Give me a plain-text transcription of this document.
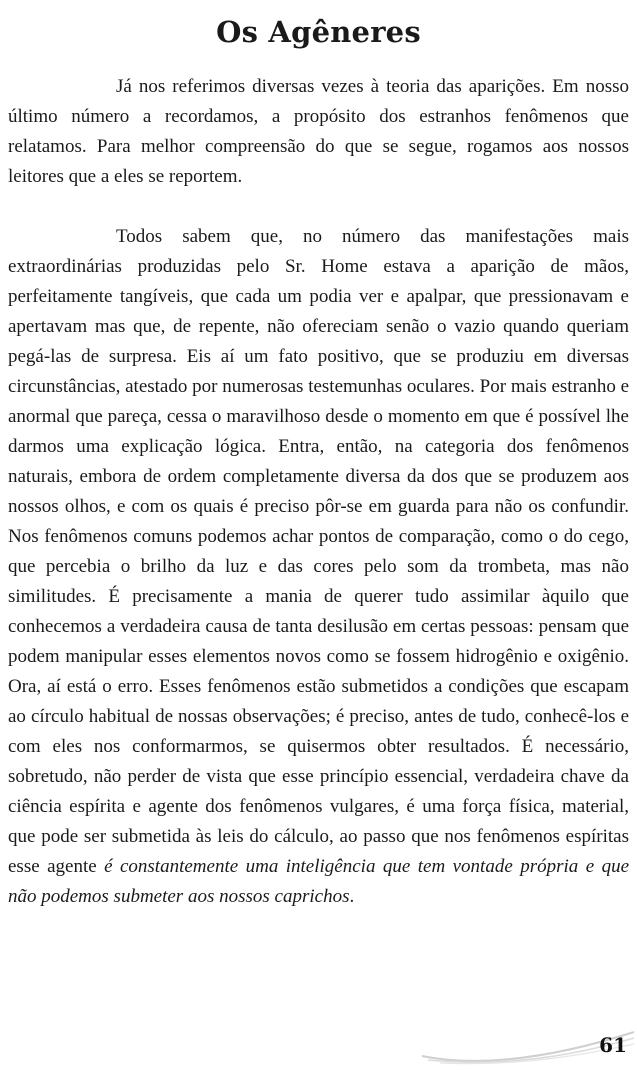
Os Agêneres

Já nos referimos diversas vezes à teoria das aparições. Em nosso último número a recordamos, a propósito dos estranhos fenômenos que relatamos. Para melhor compreensão do que se segue, rogamos aos nossos leitores que a eles se reportem.

Todos sabem que, no número das manifestações mais extraordinárias produzidas pelo Sr. Home estava a aparição de mãos, perfeitamente tangíveis, que cada um podia ver e apalpar, que pressionavam e apertavam mas que, de repente, não ofereciam senão o vazio quando queriam pegá-las de surpresa. Eis aí um fato positivo, que se produziu em diversas circunstâncias, atestado por numerosas testemunhas oculares. Por mais estranho e anormal que pareça, cessa o maravilhoso desde o momento em que é possível lhe darmos uma explicação lógica. Entra, então, na categoria dos fenômenos naturais, embora de ordem completamente diversa da dos que se produzem aos nossos olhos, e com os quais é preciso pôr-se em guarda para não os confundir. Nos fenômenos comuns podemos achar pontos de comparação, como o do cego, que percebia o brilho da luz e das cores pelo som da trombeta, mas não similitudes. É precisamente a mania de querer tudo assimilar àquilo que conhecemos a verdadeira causa de tanta desilusão em certas pessoas: pensam que podem manipular esses elementos novos como se fossem hidrogênio e oxigênio. Ora, aí está o erro. Esses fenômenos estão submetidos a condições que escapam ao círculo habitual de nossas observações; é preciso, antes de tudo, conhecê-los e com eles nos conformarmos, se quisermos obter resultados. É necessário, sobretudo, não perder de vista que esse princípio essencial, verdadeira chave da ciência espírita e agente dos fenômenos vulgares, é uma força física, material, que pode ser submetida às leis do cálculo, ao passo que nos fenômenos espíritas esse agente é constantemente uma inteligência que tem vontade própria e que não podemos submeter aos nossos caprichos.

61
